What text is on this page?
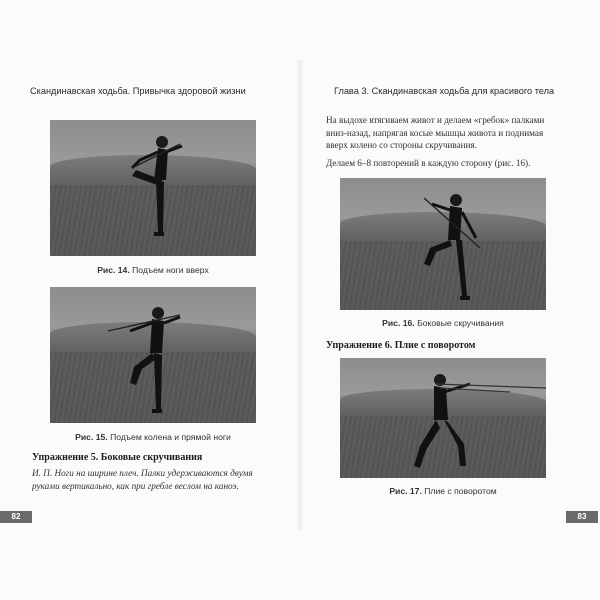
Скандинавская ходьба. Привычка здоровой жизни
Рис. 14. Подъем ноги вверх
Рис. 15. Подъем колена и прямой ноги
Упражнение 5. Боковые скручивания
И. П. Ноги на ширине плеч. Палки удерживаются двумя
руками вертикально, как при гребле веслом на каноэ.
82
Глава 3. Скандинавская ходьба для красивого тела
На выдохе втягиваем живот и делаем «гребок» палками
вниз-назад, напрягая косые мышцы живота и поднимая
вверх колено со стороны скручивания.
Делаем 6–8 повторений в каждую сторону (рис. 16).
Рис. 16. Боковые скручивания
Упражнение 6. Плие с поворотом
Рис. 17. Плие с поворотом
83
